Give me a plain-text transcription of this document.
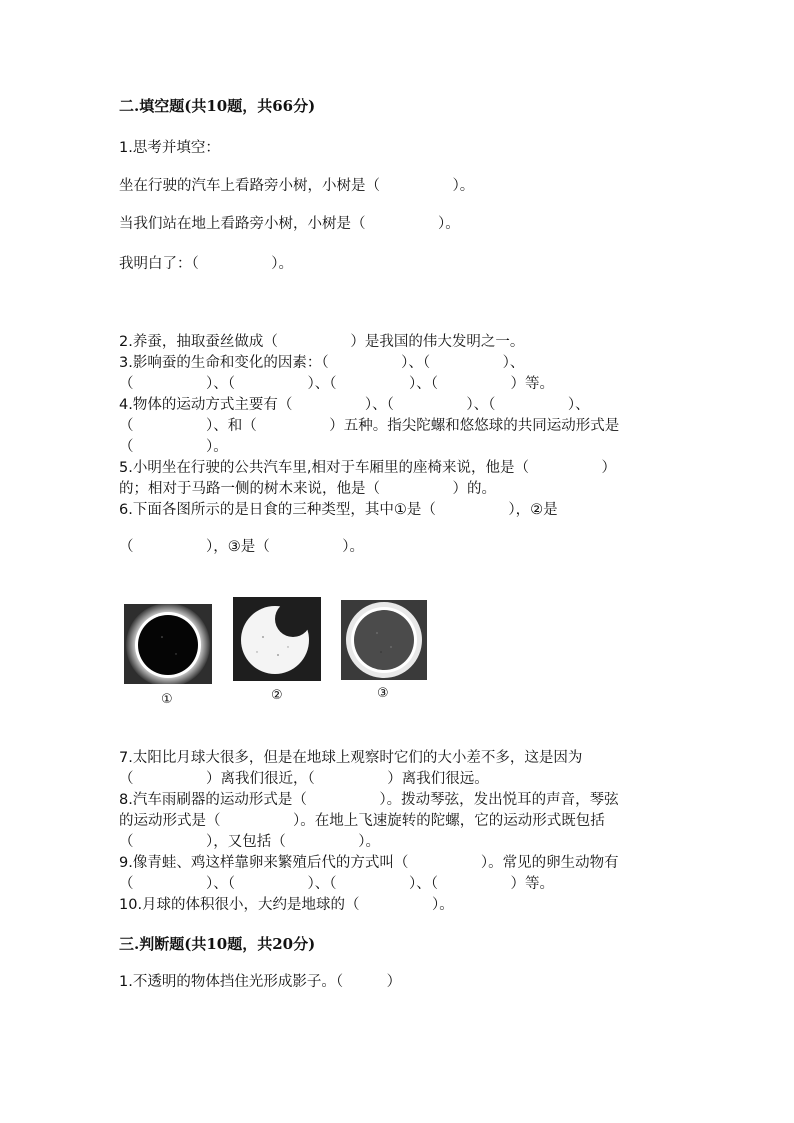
二.填空题(共10题，共66分)
1.思考并填空：
坐在行驶的汽车上看路旁小树，小树是（　　　　　）。
当我们站在地上看路旁小树，小树是（　　　　　）。
我明白了：（　　　　　）。
2.养蚕，抽取蚕丝做成（　　　　　）是我国的伟大发明之一。
3.影响蚕的生命和变化的因素：（　　　　　）、（　　　　　）、
（　　　　　）、（　　　　　）、（　　　　　）、（　　　　　）等。
4.物体的运动方式主要有（　　　　　）、（　　　　　）、（　　　　　）、
（　　　　　）、和（　　　　　）五种。指尖陀螺和悠悠球的共同运动形式是
（　　　　　）。
5.小明坐在行驶的公共汽车里,相对于车厢里的座椅来说，他是（　　　　　）
的；相对于马路一侧的树木来说，他是（　　　　　）的。
6.下面各图所示的是日食的三种类型，其中①是（　　　　　），②是
（　　　　　），③是（　　　　　）。
①	②	③
7.太阳比月球大很多，但是在地球上观察时它们的大小差不多，这是因为
（　　　　　）离我们很近，（　　　　　）离我们很远。
8.汽车雨刷器的运动形式是（　　　　　）。拨动琴弦，发出悦耳的声音，琴弦
的运动形式是（　　　　　）。在地上飞速旋转的陀螺，它的运动形式既包括
（　　　　　），又包括（　　　　　）。
9.像青蛙、鸡这样靠卵来繁殖后代的方式叫（　　　　　）。常见的卵生动物有
（　　　　　）、（　　　　　）、（　　　　　）、（　　　　　）等。
10.月球的体积很小，大约是地球的（　　　　　）。
三.判断题(共10题，共20分)
1.不透明的物体挡住光形成影子。（　　　）
